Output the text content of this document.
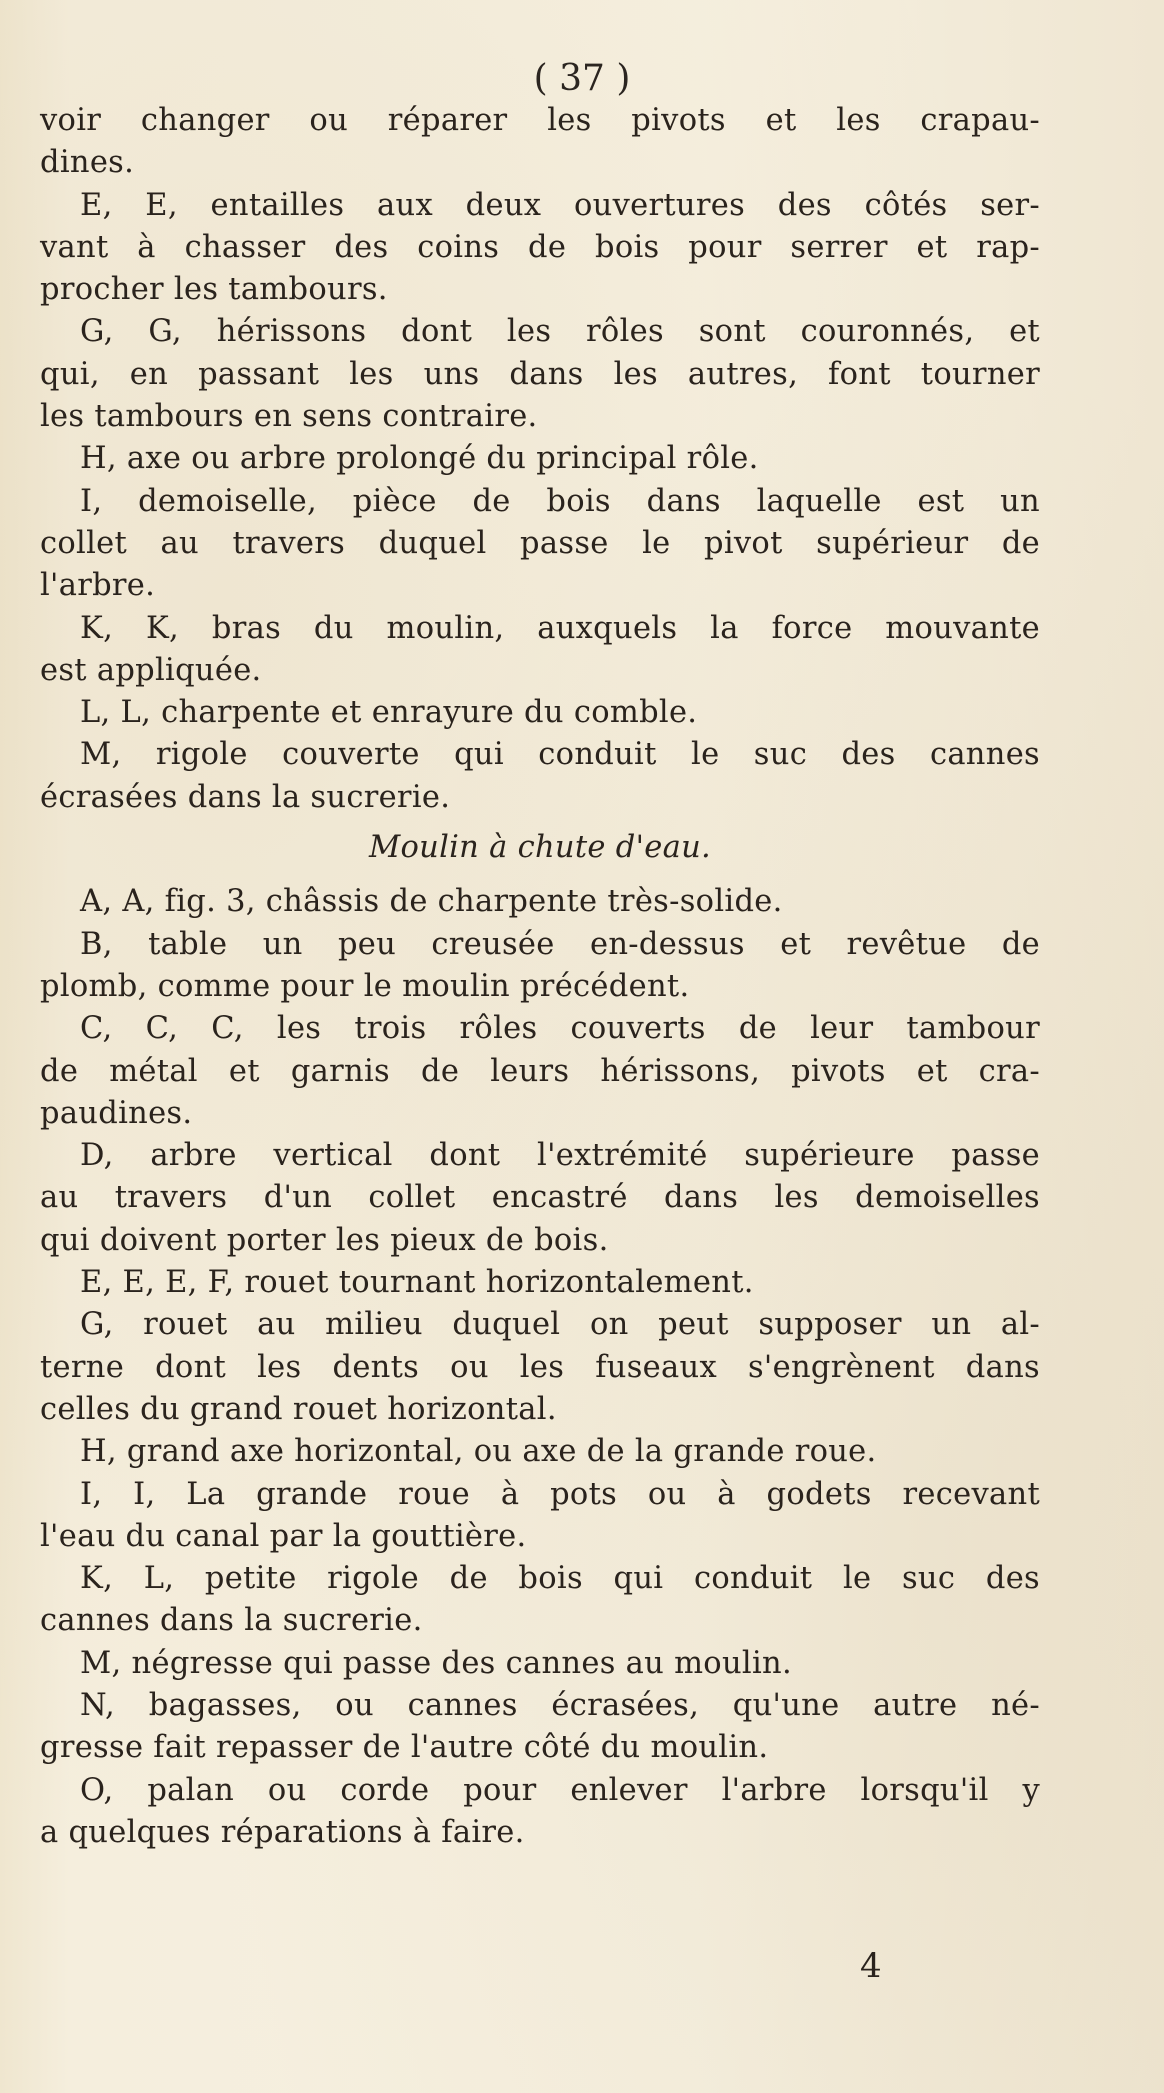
( 37 )
voir changer ou réparer les pivots et les crapau-
dines.
E, E, entailles aux deux ouvertures des côtés ser-
vant à chasser des coins de bois pour serrer et rap-
procher les tambours.
G, G, hérissons dont les rôles sont couronnés, et
qui, en passant les uns dans les autres, font tourner
les tambours en sens contraire.
H, axe ou arbre prolongé du principal rôle.
I, demoiselle, pièce de bois dans laquelle est un
collet au travers duquel passe le pivot supérieur de
l'arbre.
K, K, bras du moulin, auxquels la force mouvante
est appliquée.
L, L, charpente et enrayure du comble.
M, rigole couverte qui conduit le suc des cannes
écrasées dans la sucrerie.
Moulin à chute d'eau.
A, A, fig. 3, châssis de charpente très-solide.
B, table un peu creusée en-dessus et revêtue de
plomb, comme pour le moulin précédent.
C, C, C, les trois rôles couverts de leur tambour
de métal et garnis de leurs hérissons, pivots et cra-
paudines.
D, arbre vertical dont l'extrémité supérieure passe
au travers d'un collet encastré dans les demoiselles
qui doivent porter les pieux de bois.
E, E, E, F, rouet tournant horizontalement.
G, rouet au milieu duquel on peut supposer un al-
terne dont les dents ou les fuseaux s'engrènent dans
celles du grand rouet horizontal.
H, grand axe horizontal, ou axe de la grande roue.
I, I, La grande roue à pots ou à godets recevant
l'eau du canal par la gouttière.
K, L, petite rigole de bois qui conduit le suc des
cannes dans la sucrerie.
M, négresse qui passe des cannes au moulin.
N, bagasses, ou cannes écrasées, qu'une autre né-
gresse fait repasser de l'autre côté du moulin.
O, palan ou corde pour enlever l'arbre lorsqu'il y
a quelques réparations à faire.
4
